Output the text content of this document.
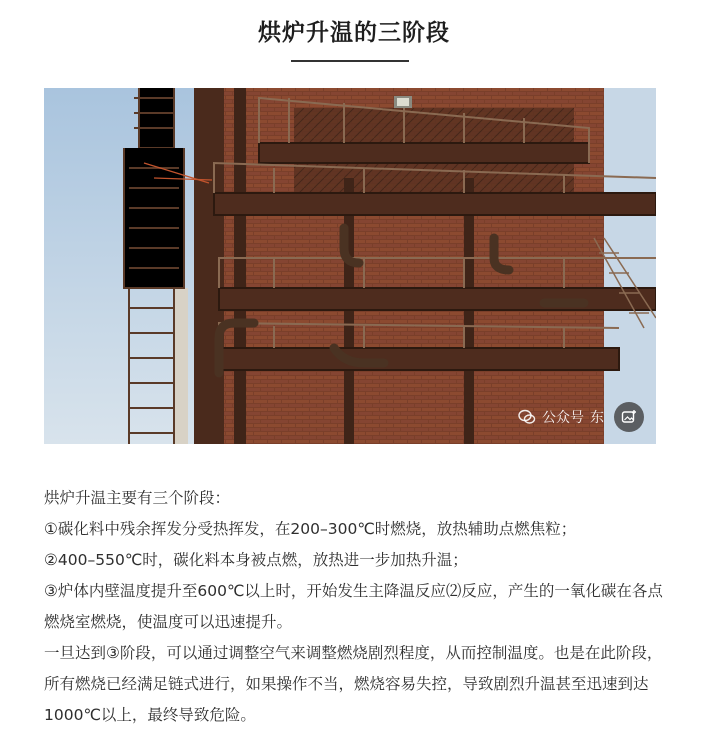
烘炉升温的三阶段
公众号 东

烘炉升温主要有三个阶段：

①碳化料中残余挥发分受热挥发，在200–300℃时燃烧，放热辅助点燃焦粒；

②400–550℃时，碳化料本身被点燃，放热进一步加热升温；

③炉体内壁温度提升至600℃以上时，开始发生主降温反应⑵反应，产生的一氧化碳在各点燃烧室燃烧，使温度可以迅速提升。

一旦达到③阶段，可以通过调整空气来调整燃烧剧烈程度，从而控制温度。也是在此阶段，所有燃烧已经满足链式进行，如果操作不当，燃烧容易失控，导致剧烈升温甚至迅速到达1000℃以上，最终导致危险。
